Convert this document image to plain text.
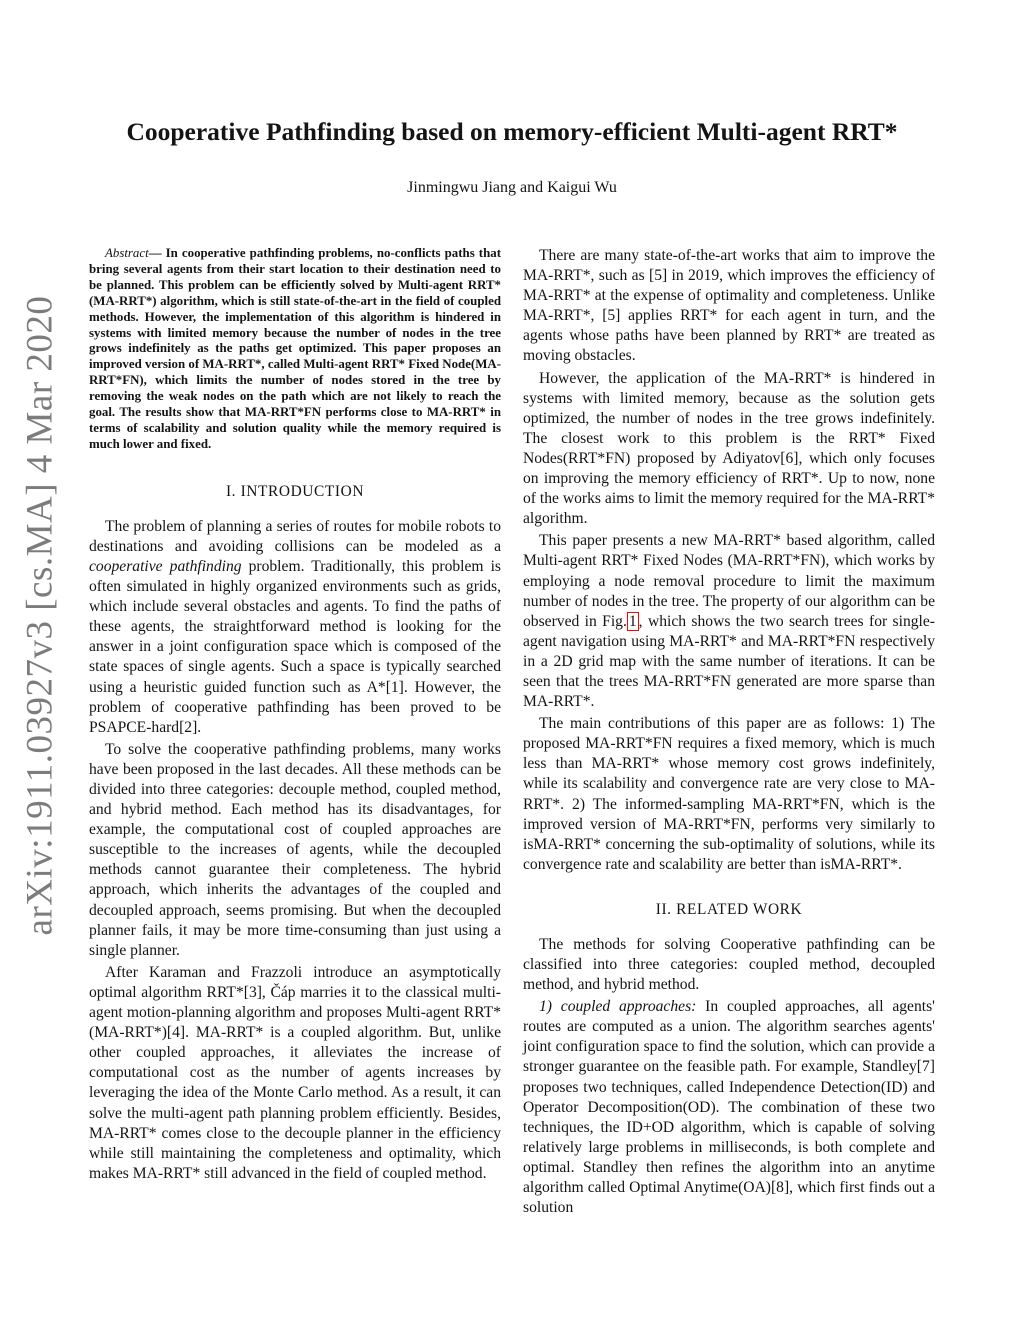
arXiv:1911.03927v3 [cs.MA] 4 Mar 2020
Cooperative Pathfinding based on memory-efficient Multi-agent RRT*
Jinmingwu Jiang and Kaigui Wu

Abstract— In cooperative pathfinding problems, no-conflicts paths that bring several agents from their start location to their destination need to be planned. This problem can be efficiently solved by Multi-agent RRT*(MA-RRT*) algorithm, which is still state-of-the-art in the field of coupled methods. However, the implementation of this algorithm is hindered in systems with limited memory because the number of nodes in the tree grows indefinitely as the paths get optimized. This paper proposes an improved version of MA-RRT*, called Multi-agent RRT* Fixed Node(MA-RRT*FN), which limits the number of nodes stored in the tree by removing the weak nodes on the path which are not likely to reach the goal. The results show that MA-RRT*FN performs close to MA-RRT* in terms of scalability and solution quality while the memory required is much lower and fixed.

I. INTRODUCTION

The problem of planning a series of routes for mobile robots to destinations and avoiding collisions can be modeled as a cooperative pathfinding problem. Traditionally, this problem is often simulated in highly organized environments such as grids, which include several obstacles and agents. To find the paths of these agents, the straightforward method is looking for the answer in a joint configuration space which is composed of the state spaces of single agents. Such a space is typically searched using a heuristic guided function such as A*[1]. However, the problem of cooperative pathfinding has been proved to be PSAPCE-hard[2].

To solve the cooperative pathfinding problems, many works have been proposed in the last decades. All these methods can be divided into three categories: decouple method, coupled method, and hybrid method. Each method has its disadvantages, for example, the computational cost of coupled approaches are susceptible to the increases of agents, while the decoupled methods cannot guarantee their completeness. The hybrid approach, which inherits the advantages of the coupled and decoupled approach, seems promising. But when the decoupled planner fails, it may be more time-consuming than just using a single planner.

After Karaman and Frazzoli introduce an asymptotically optimal algorithm RRT*[3], Čáp marries it to the classical multi-agent motion-planning algorithm and proposes Multi-agent RRT*(MA-RRT*)[4]. MA-RRT* is a coupled algorithm. But, unlike other coupled approaches, it alleviates the increase of computational cost as the number of agents increases by leveraging the idea of the Monte Carlo method. As a result, it can solve the multi-agent path planning problem efficiently. Besides, MA-RRT* comes close to the decouple planner in the efficiency while still maintaining the completeness and optimality, which makes MA-RRT* still advanced in the field of coupled method.

There are many state-of-the-art works that aim to improve the MA-RRT*, such as [5] in 2019, which improves the efficiency of MA-RRT* at the expense of optimality and completeness. Unlike MA-RRT*, [5] applies RRT* for each agent in turn, and the agents whose paths have been planned by RRT* are treated as moving obstacles.

However, the application of the MA-RRT* is hindered in systems with limited memory, because as the solution gets optimized, the number of nodes in the tree grows indefinitely. The closest work to this problem is the RRT* Fixed Nodes(RRT*FN) proposed by Adiyatov[6], which only focuses on improving the memory efficiency of RRT*. Up to now, none of the works aims to limit the memory required for the MA-RRT* algorithm.

This paper presents a new MA-RRT* based algorithm, called Multi-agent RRT* Fixed Nodes (MA-RRT*FN), which works by employing a node removal procedure to limit the maximum number of nodes in the tree. The property of our algorithm can be observed in Fig. 1 , which shows the two search trees for single-agent navigation using MA-RRT* and MA-RRT*FN respectively in a 2D grid map with the same number of iterations. It can be seen that the trees MA-RRT*FN generated are more sparse than MA-RRT*.

The main contributions of this paper are as follows: 1) The proposed MA-RRT*FN requires a fixed memory, which is much less than MA-RRT* whose memory cost grows indefinitely, while its scalability and convergence rate are very close to MA-RRT*. 2) The informed-sampling MA-RRT*FN, which is the improved version of MA-RRT*FN, performs very similarly to isMA-RRT* concerning the sub-optimality of solutions, while its convergence rate and scalability are better than isMA-RRT*.

II. RELATED WORK

The methods for solving Cooperative pathfinding can be classified into three categories: coupled method, decoupled method, and hybrid method.

1) coupled approaches: In coupled approaches, all agents' routes are computed as a union. The algorithm searches agents' joint configuration space to find the solution, which can provide a stronger guarantee on the feasible path. For example, Standley[7] proposes two techniques, called Independence Detection(ID) and Operator Decomposition(OD). The combination of these two techniques, the ID+OD algorithm, which is capable of solving relatively large problems in milliseconds, is both complete and optimal. Standley then refines the algorithm into an anytime algorithm called Optimal Anytime(OA)[8], which first finds out a solution
